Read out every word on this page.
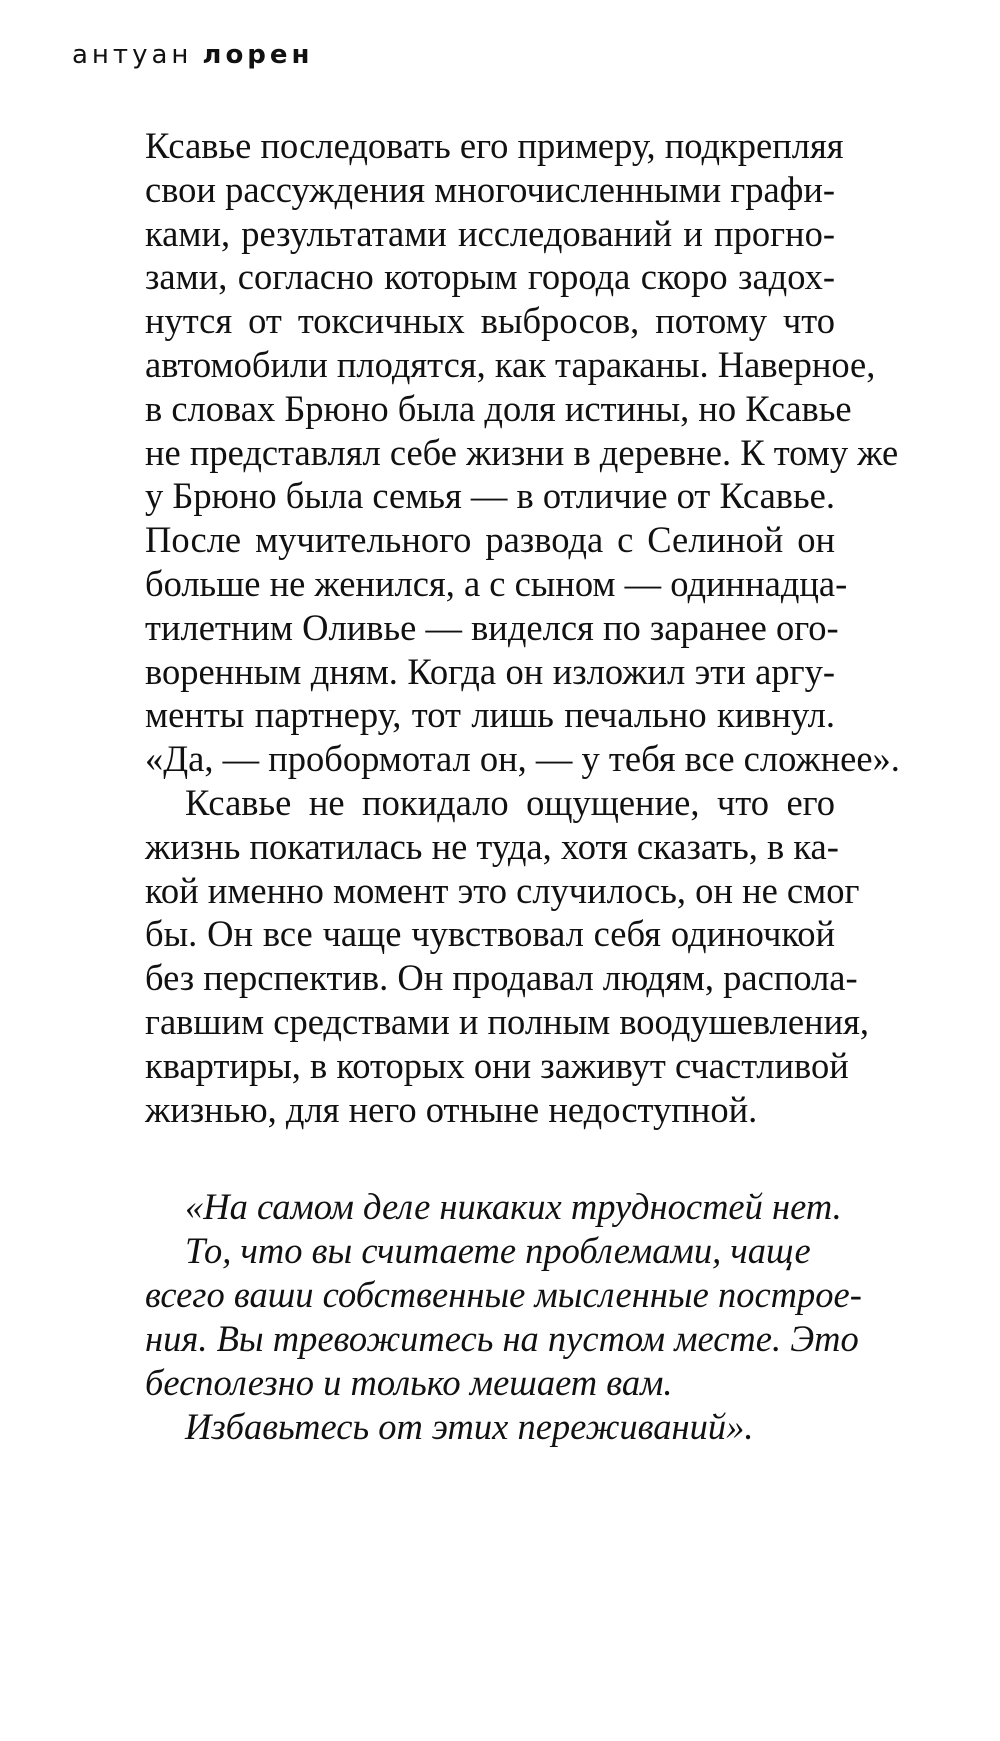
антуан лорен

Ксавье последовать его примеру, подкрепляя
свои рассуждения многочисленными графи-
ками, результатами исследований и прогно-
зами, согласно которым города скоро задох-
нутся от токсичных выбросов, потому что
автомобили плодятся, как тараканы. Наверное,
в словах Брюно была доля истины, но Ксавье
не представлял себе жизни в деревне. К тому же
у Брюно была семья — в отличие от Ксавье.
После мучительного развода с Селиной он
больше не женился, а с сыном — одиннадца-
тилетним Оливье — виделся по заранее ого-
воренным дням. Когда он изложил эти аргу-
менты партнеру, тот лишь печально кивнул.
«Да, — пробормотал он, — у тебя все сложнее».

Ксавье не покидало ощущение, что его
жизнь покатилась не туда, хотя сказать, в ка-
кой именно момент это случилось, он не смог
бы. Он все чаще чувствовал себя одиночкой
без перспектив. Он продавал людям, распола-
гавшим средствами и полным воодушевления,
квартиры, в которых они заживут счастливой
жизнью, для него отныне недоступной.

«На самом деле никаких трудностей нет.
То, что вы считаете проблемами, чаще
всего ваши собственные мысленные построе-
ния. Вы тревожитесь на пустом месте. Это
бесполезно и только мешает вам.
Избавьтесь от этих переживаний».
